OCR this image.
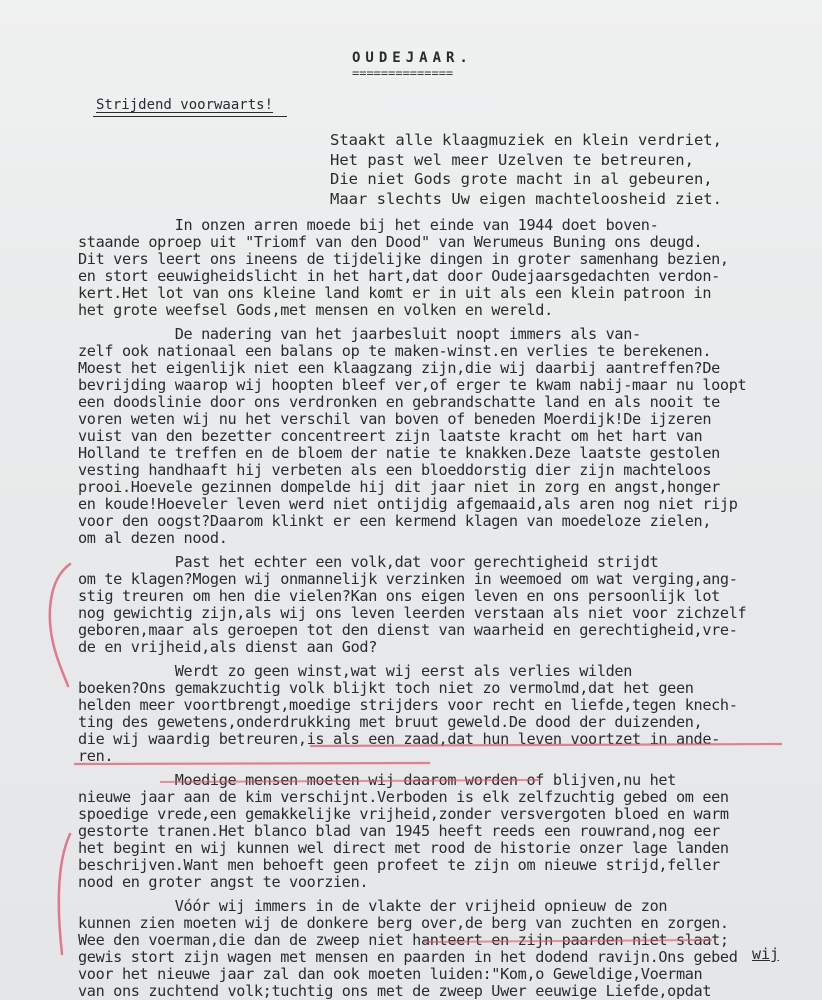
OUDEJAAR.
==============
Strijdend voorwaarts!
Staakt alle klaagmuziek en klein verdriet,
Het past wel meer Uzelven te betreuren,
Die niet Gods grote macht in al gebeuren,
Maar slechts Uw eigen machteloosheid ziet.
In onzen arren moede bij het einde van 1944 doet boven-
staande oproep uit "Triomf van den Dood" van Werumeus Buning ons deugd.
Dit vers leert ons ineens de tijdelijke dingen in groter samenhang bezien,
en stort eeuwigheidslicht in het hart,dat door Oudejaarsgedachten verdon-
kert.Het lot van ons kleine land komt er in uit als een klein patroon in
het grote weefsel Gods,met mensen en volken en wereld.
De nadering van het jaarbesluit noopt immers als van-
zelf ook nationaal een balans op te maken-winst.en verlies te berekenen.
Moest het eigenlijk niet een klaagzang zijn,die wij daarbij aantreffen?De
bevrijding waarop wij hoopten bleef ver,of erger te kwam nabij-maar nu loopt
een doodslinie door ons verdronken en gebrandschatte land en als nooit te
voren weten wij nu het verschil van boven of beneden Moerdijk!De ijzeren
vuist van den bezetter concentreert zijn laatste kracht om het hart van
Holland te treffen en de bloem der natie te knakken.Deze laatste gestolen
vesting handhaaft hij verbeten als een bloeddorstig dier zijn machteloos
prooi.Hoevele gezinnen dompelde hij dit jaar niet in zorg en angst,honger
en koude!Hoeveler leven werd niet ontijdig afgemaaid,als aren nog niet rijp
voor den oogst?Daarom klinkt er een kermend klagen van moedeloze zielen,
om al dezen nood.
Past het echter een volk,dat voor gerechtigheid strijdt
om te klagen?Mogen wij onmannelijk verzinken in weemoed om wat verging,ang-
stig treuren om hen die vielen?Kan ons eigen leven en ons persoonlijk lot
nog gewichtig zijn,als wij ons leven leerden verstaan als niet voor zichzelf
geboren,maar als geroepen tot den dienst van waarheid en gerechtigheid,vre-
de en vrijheid,als dienst aan God?
Werdt zo geen winst,wat wij eerst als verlies wilden
boeken?Ons gemakzuchtig volk blijkt toch niet zo vermolmd,dat het geen
helden meer voortbrengt,moedige strijders voor recht en liefde,tegen knech-
ting des gewetens,onderdrukking met bruut geweld.De dood der duizenden,
die wij waardig betreuren,is als een zaad,dat hun leven voortzet in ande-
ren.
Moedige mensen moeten wij daarom worden of blijven,nu het
nieuwe jaar aan de kim verschijnt.Verboden is elk zelfzuchtig gebed om een
spoedige vrede,een gemakkelijke vrijheid,zonder versvergoten bloed en warm
gestorte tranen.Het blanco blad van 1945 heeft reeds een rouwrand,nog eer
het begint en wij kunnen wel direct met rood de historie onzer lage landen
beschrijven.Want men behoeft geen profeet te zijn om nieuwe strijd,feller
nood en groter angst te voorzien.
Vóór wij immers in de vlakte der vrijheid opnieuw de zon
kunnen zien moeten wij de donkere berg over,de berg van zuchten en zorgen.
Wee den voerman,die dan de zweep niet hanteert en zijn paarden niet slaat;
gewis stort zijn wagen met mensen en paarden in het dodend ravijn.Ons gebed
voor het nieuwe jaar zal dan ook moeten luiden:"Kom,o Geweldige,Voerman
van ons zuchtend volk;tuchtig ons met de zweep Uwer eeuwige Liefde,opdat
wij
